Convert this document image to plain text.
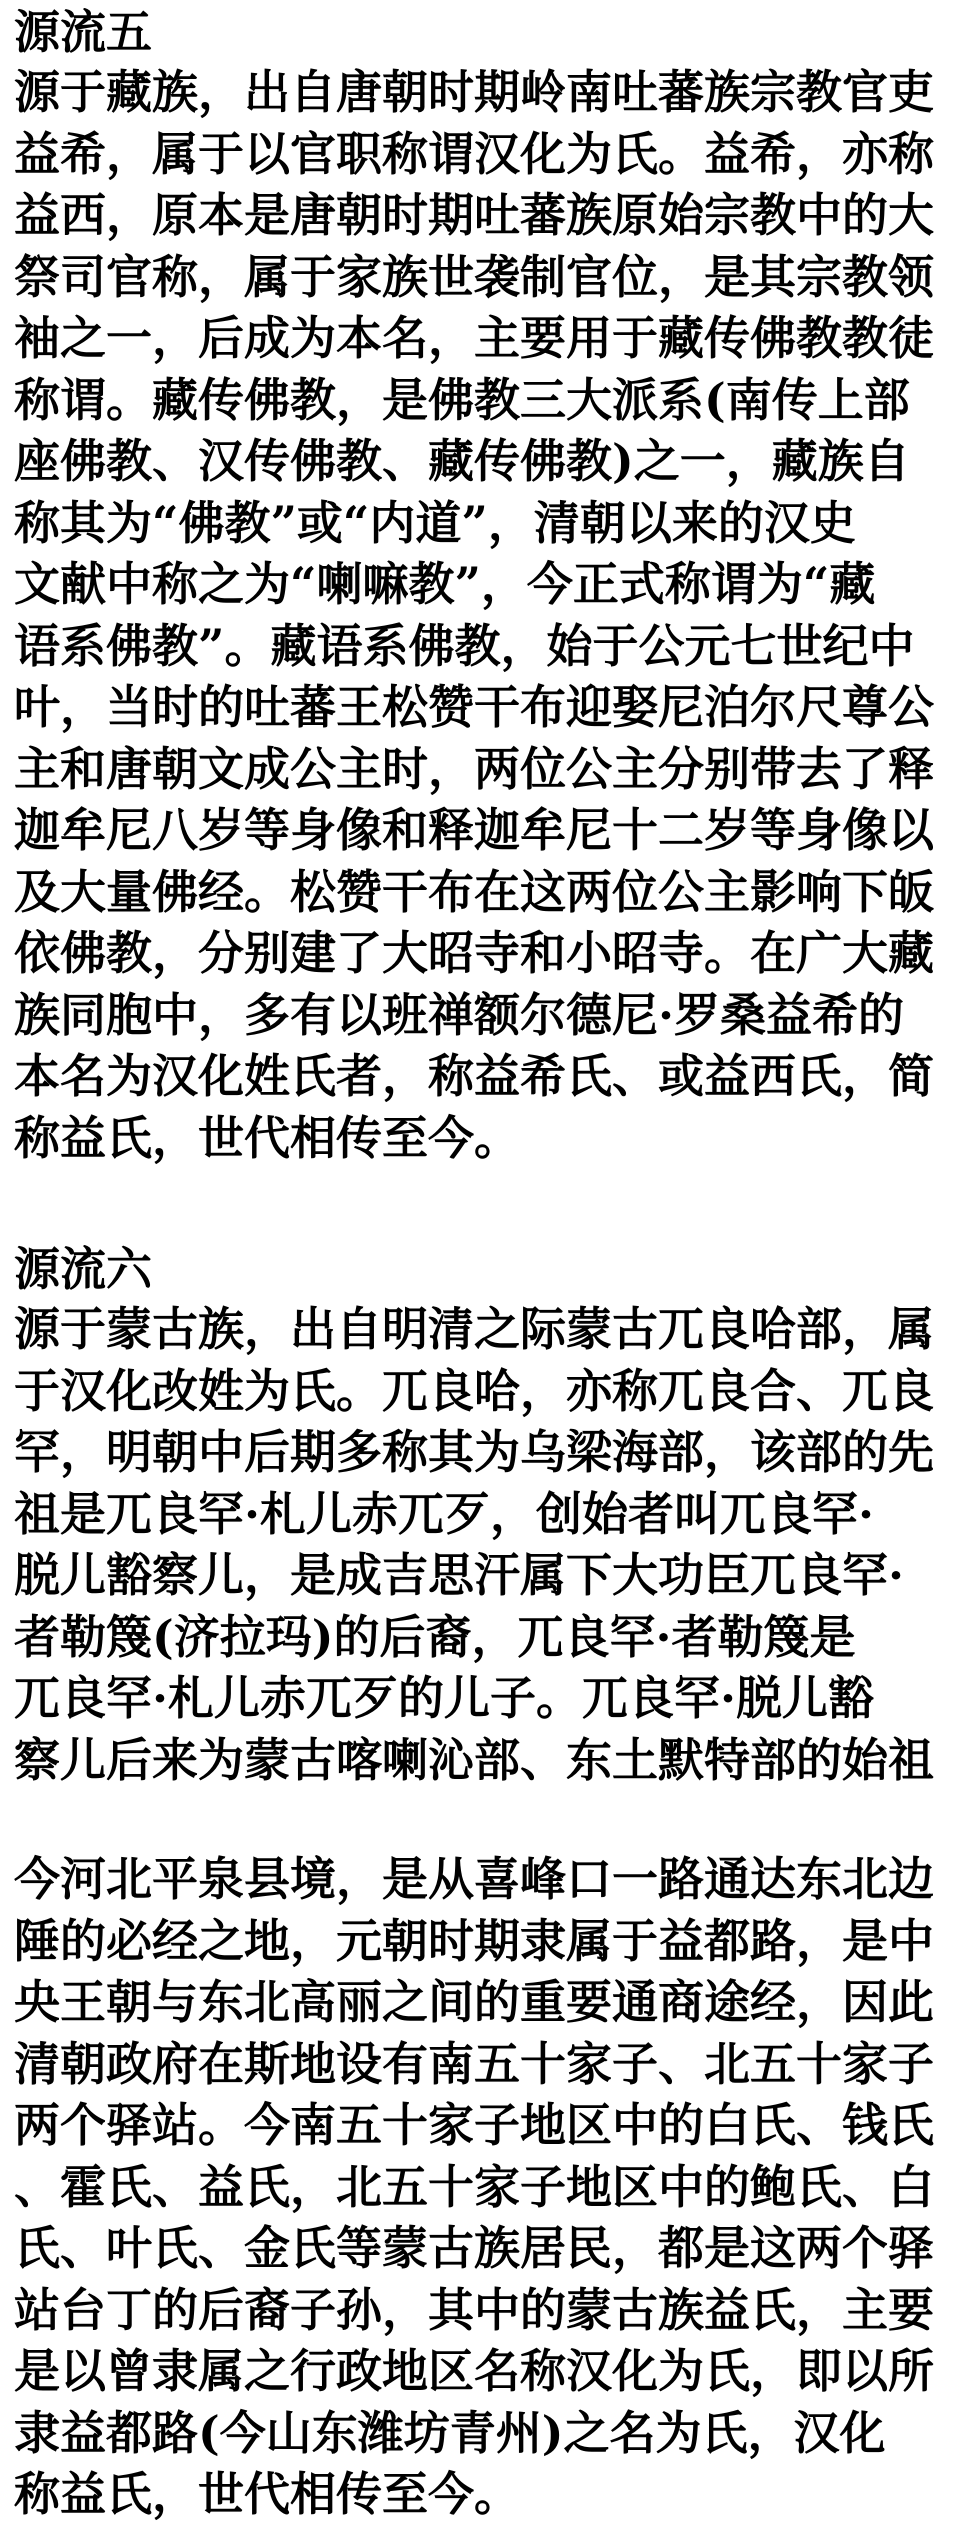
源流五
源于藏族，出自唐朝时期岭南吐蕃族宗教官吏
益希，属于以官职称谓汉化为氏。益希，亦称
益西，原本是唐朝时期吐蕃族原始宗教中的大
祭司官称，属于家族世袭制官位，是其宗教领
袖之一，后成为本名，主要用于藏传佛教教徒
称谓。藏传佛教，是佛教三大派系(南传上部
座佛教、汉传佛教、藏传佛教)之一，藏族自
称其为“佛教”或“内道”，清朝以来的汉史
文献中称之为“喇嘛教”，今正式称谓为“藏
语系佛教”。藏语系佛教，始于公元七世纪中
叶，当时的吐蕃王松赞干布迎娶尼泊尔尺尊公
主和唐朝文成公主时，两位公主分别带去了释
迦牟尼八岁等身像和释迦牟尼十二岁等身像以
及大量佛经。松赞干布在这两位公主影响下皈
依佛教，分别建了大昭寺和小昭寺。在广大藏
族同胞中，多有以班禅额尔德尼·罗桑益希的
本名为汉化姓氏者，称益希氏、或益西氏，简
称益氏，世代相传至今。
源流六
源于蒙古族，出自明清之际蒙古兀良哈部，属
于汉化改姓为氏。兀良哈，亦称兀良合、兀良
罕，明朝中后期多称其为乌梁海部，该部的先
祖是兀良罕·札儿赤兀歹，创始者叫兀良罕·
脱儿豁察儿，是成吉思汗属下大功臣兀良罕·
者勒篾(济拉玛)的后裔，兀良罕·者勒篾是
兀良罕·札儿赤兀歹的儿子。兀良罕·脱儿豁
察儿后来为蒙古喀喇沁部、东土默特部的始祖
今河北平泉县境，是从喜峰口一路通达东北边
陲的必经之地，元朝时期隶属于益都路，是中
央王朝与东北高丽之间的重要通商途经，因此
清朝政府在斯地设有南五十家子、北五十家子
两个驿站。今南五十家子地区中的白氏、钱氏
、霍氏、益氏，北五十家子地区中的鲍氏、白
氏、叶氏、金氏等蒙古族居民，都是这两个驿
站台丁的后裔子孙，其中的蒙古族益氏，主要
是以曾隶属之行政地区名称汉化为氏，即以所
隶益都路(今山东潍坊青州)之名为氏，汉化
称益氏，世代相传至今。
